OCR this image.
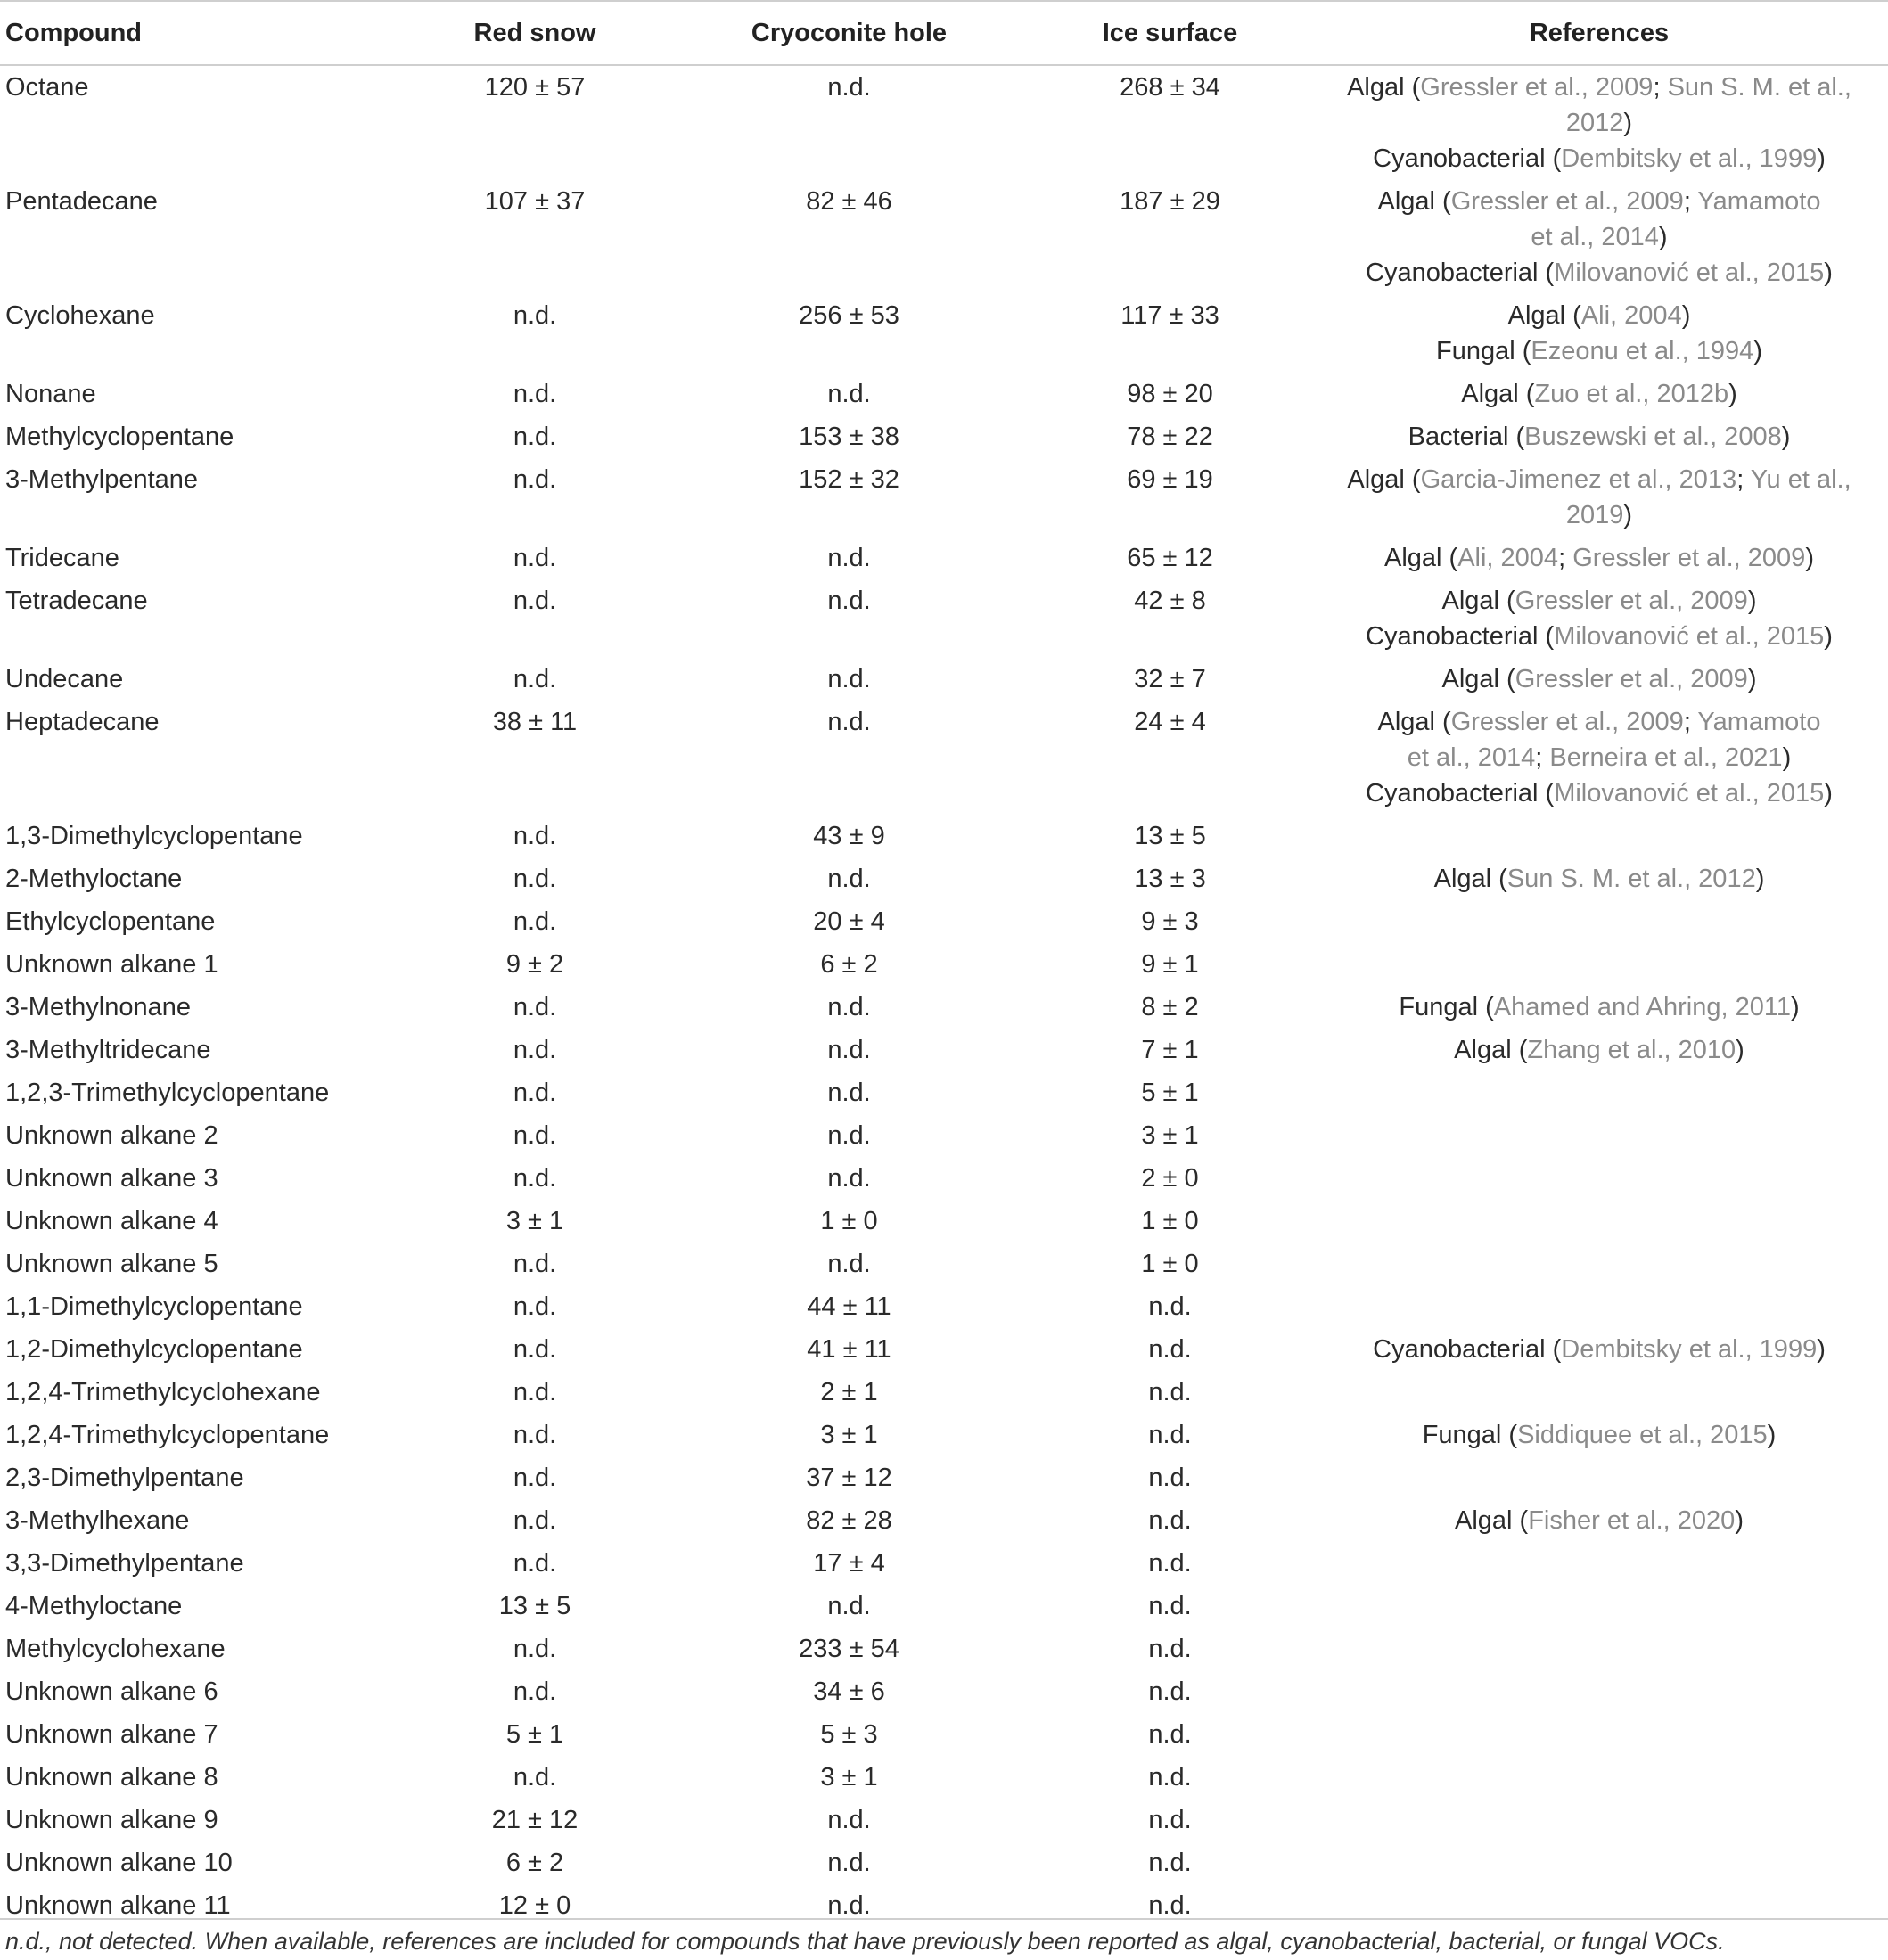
Compound	Red snow	Cryoconite hole	Ice surface	References
Octane	120 ± 57	n.d.	268 ± 34	Algal (Gressler et al., 2009; Sun S. M. et al.,
2012)
Cyanobacterial (Dembitsky et al., 1999)

Pentadecane	107 ± 37	82 ± 46	187 ± 29	Algal (Gressler et al., 2009; Yamamoto
et al., 2014)
Cyanobacterial (Milovanović et al., 2015)

Cyclohexane	n.d.	256 ± 53	117 ± 33	Algal (Ali, 2004)
Fungal (Ezeonu et al., 1994)

Nonane	n.d.	n.d.	98 ± 20	Algal (Zuo et al., 2012b)

Methylcyclopentane	n.d.	153 ± 38	78 ± 22	Bacterial (Buszewski et al., 2008)

3-Methylpentane	n.d.	152 ± 32	69 ± 19	Algal (Garcia-Jimenez et al., 2013; Yu et al.,
2019)

Tridecane	n.d.	n.d.	65 ± 12	Algal (Ali, 2004; Gressler et al., 2009)

Tetradecane	n.d.	n.d.	42 ± 8	Algal (Gressler et al., 2009)
Cyanobacterial (Milovanović et al., 2015)

Undecane	n.d.	n.d.	32 ± 7	Algal (Gressler et al., 2009)

Heptadecane	38 ± 11	n.d.	24 ± 4	Algal (Gressler et al., 2009; Yamamoto
et al., 2014; Berneira et al., 2021)
Cyanobacterial (Milovanović et al., 2015)

1,3-Dimethylcyclopentane	n.d.	43 ± 9	13 ± 5	
2-Methyloctane	n.d.	n.d.	13 ± 3	Algal (Sun S. M. et al., 2012)

Ethylcyclopentane	n.d.	20 ± 4	9 ± 3	
Unknown alkane 1	9 ± 2	6 ± 2	9 ± 1	
3-Methylnonane	n.d.	n.d.	8 ± 2	Fungal (Ahamed and Ahring, 2011)

3-Methyltridecane	n.d.	n.d.	7 ± 1	Algal (Zhang et al., 2010)

1,2,3-Trimethylcyclopentane	n.d.	n.d.	5 ± 1	
Unknown alkane 2	n.d.	n.d.	3 ± 1	
Unknown alkane 3	n.d.	n.d.	2 ± 0	
Unknown alkane 4	3 ± 1	1 ± 0	1 ± 0	
Unknown alkane 5	n.d.	n.d.	1 ± 0	
1,1-Dimethylcyclopentane	n.d.	44 ± 11	n.d.	
1,2-Dimethylcyclopentane	n.d.	41 ± 11	n.d.	Cyanobacterial (Dembitsky et al., 1999)

1,2,4-Trimethylcyclohexane	n.d.	2 ± 1	n.d.	
1,2,4-Trimethylcyclopentane	n.d.	3 ± 1	n.d.	Fungal (Siddiquee et al., 2015)

2,3-Dimethylpentane	n.d.	37 ± 12	n.d.	
3-Methylhexane	n.d.	82 ± 28	n.d.	Algal (Fisher et al., 2020)

3,3-Dimethylpentane	n.d.	17 ± 4	n.d.	
4-Methyloctane	13 ± 5	n.d.	n.d.	
Methylcyclohexane	n.d.	233 ± 54	n.d.	
Unknown alkane 6	n.d.	34 ± 6	n.d.	
Unknown alkane 7	5 ± 1	5 ± 3	n.d.	
Unknown alkane 8	n.d.	3 ± 1	n.d.	
Unknown alkane 9	21 ± 12	n.d.	n.d.	
Unknown alkane 10	6 ± 2	n.d.	n.d.	
Unknown alkane 11	12 ± 0	n.d.	n.d.	
n.d., not detected. When available, references are included for compounds that have previously been reported as algal, cyanobacterial, bacterial, or fungal VOCs.
